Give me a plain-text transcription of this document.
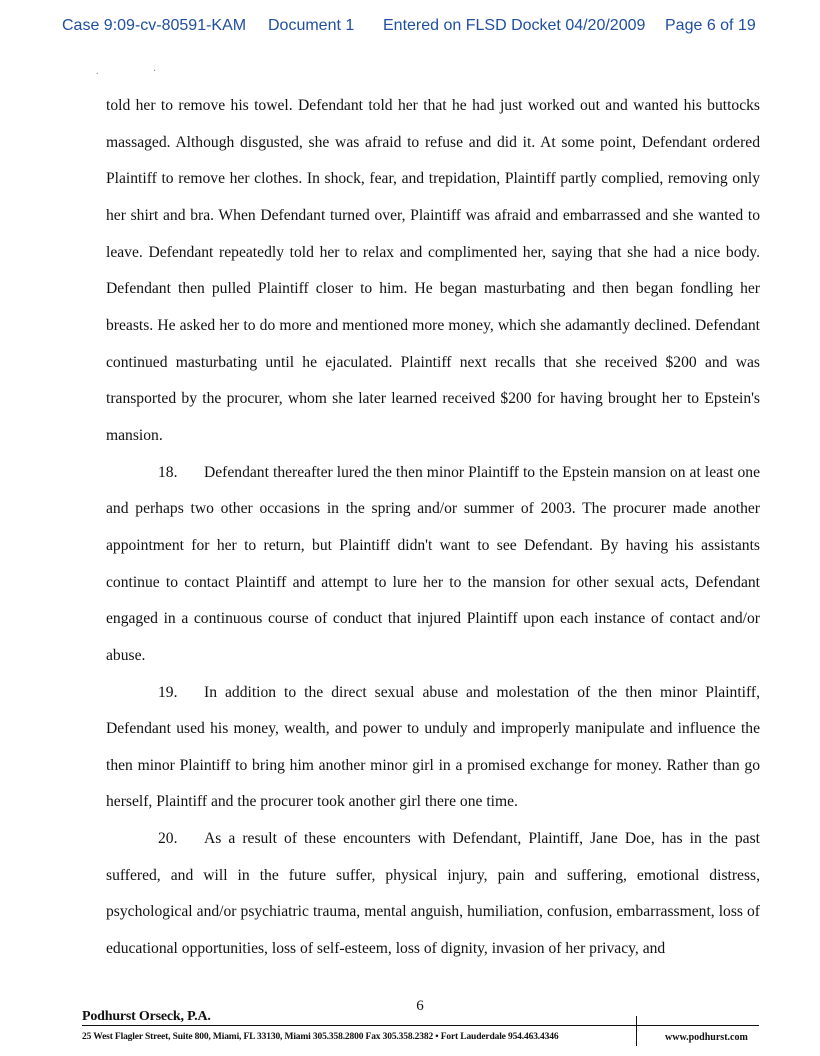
Case 9:09-cv-80591-KAM Document 1 Entered on FLSD Docket 04/20/2009 Page 6 of 19
. ·

told her to remove his towel. Defendant told her that he had just worked out and wanted his buttocks massaged. Although disgusted, she was afraid to refuse and did it. At some point, Defendant ordered Plaintiff to remove her clothes. In shock, fear, and trepidation, Plaintiff partly complied, removing only her shirt and bra. When Defendant turned over, Plaintiff was afraid and embarrassed and she wanted to leave. Defendant repeatedly told her to relax and complimented her, saying that she had a nice body. Defendant then pulled Plaintiff closer to him. He began masturbating and then began fondling her breasts. He asked her to do more and mentioned more money, which she adamantly declined. Defendant continued masturbating until he ejaculated. Plaintiff next recalls that she received $200 and was transported by the procurer, whom she later learned received $200 for having brought her to Epstein's mansion.

18. Defendant thereafter lured the then minor Plaintiff to the Epstein mansion on at least one and perhaps two other occasions in the spring and/or summer of 2003. The procurer made another appointment for her to return, but Plaintiff didn't want to see Defendant. By having his assistants continue to contact Plaintiff and attempt to lure her to the mansion for other sexual acts, Defendant engaged in a continuous course of conduct that injured Plaintiff upon each instance of contact and/or abuse.

19. In addition to the direct sexual abuse and molestation of the then minor Plaintiff, Defendant used his money, wealth, and power to unduly and improperly manipulate and influence the then minor Plaintiff to bring him another minor girl in a promised exchange for money. Rather than go herself, Plaintiff and the procurer took another girl there one time.

20. As a result of these encounters with Defendant, Plaintiff, Jane Doe, has in the past suffered, and will in the future suffer, physical injury, pain and suffering, emotional distress, psychological and/or psychiatric trauma, mental anguish, humiliation, confusion, embarrassment, loss of educational opportunities, loss of self-esteem, loss of dignity, invasion of her privacy, and

6
Podhurst Orseck, P.A.
25 West Flagler Street, Suite 800, Miami, FL 33130, Miami 305.358.2800 Fax 305.358.2382 • Fort Lauderdale 954.463.4346	www.podhurst.com
